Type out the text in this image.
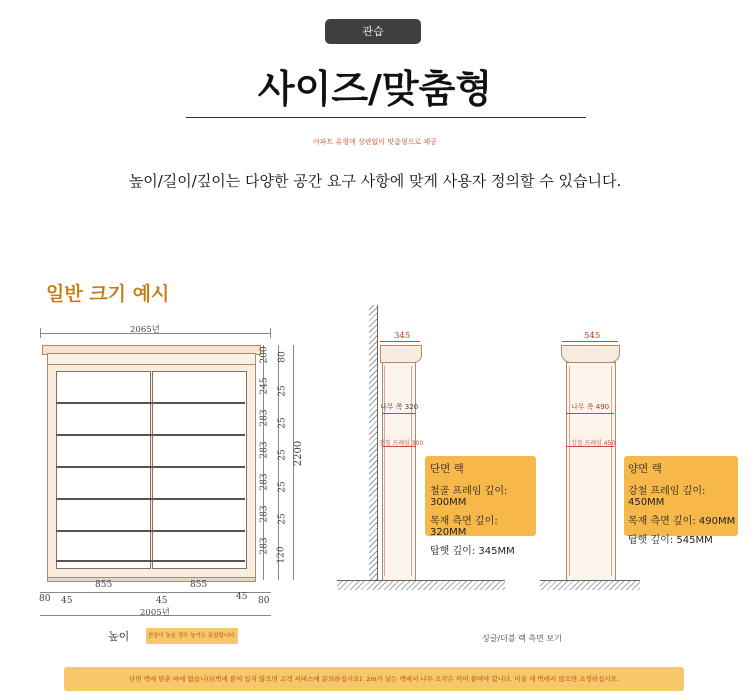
관습
사이즈/맞춤형
아파트 유형에 상관없이 맞춤형으로 제공
높이/길이/깊이는 다양한 공간 요구 사항에 맞게 사용자 정의할 수 있습니다.
일반 크기 예시
2065년
200
245
283
283
283
283
283
80
25
25
25
25
25
120
2200
855	855
80 45	45	45 80
2005년
높이	천장이 높을 경우 높이는 동일합니다.
345
나무 쪽 320
강철 프레임 300
단면 랙
철골 프레임 깊이: 300MM
목재 측면 깊이: 320MM
탑햇 깊이: 345MM
545
나무 쪽 490
강철 프레임 450
양면 랙
강철 프레임 깊이: 450MM
목재 측면 깊이: 490MM
탑햇 깊이: 545MM
싱글/더블 랙 측면 보기
단면 랙에 맞춘 바에 없습니다(벽에 붙여 있지 않으면 고객 서비스에 문의하십시오). 2m가 넘는 랙에서 나무 조각은 이어 붙여야 합니다. 미술 세 벽에서 않으면 조정하십시오.
